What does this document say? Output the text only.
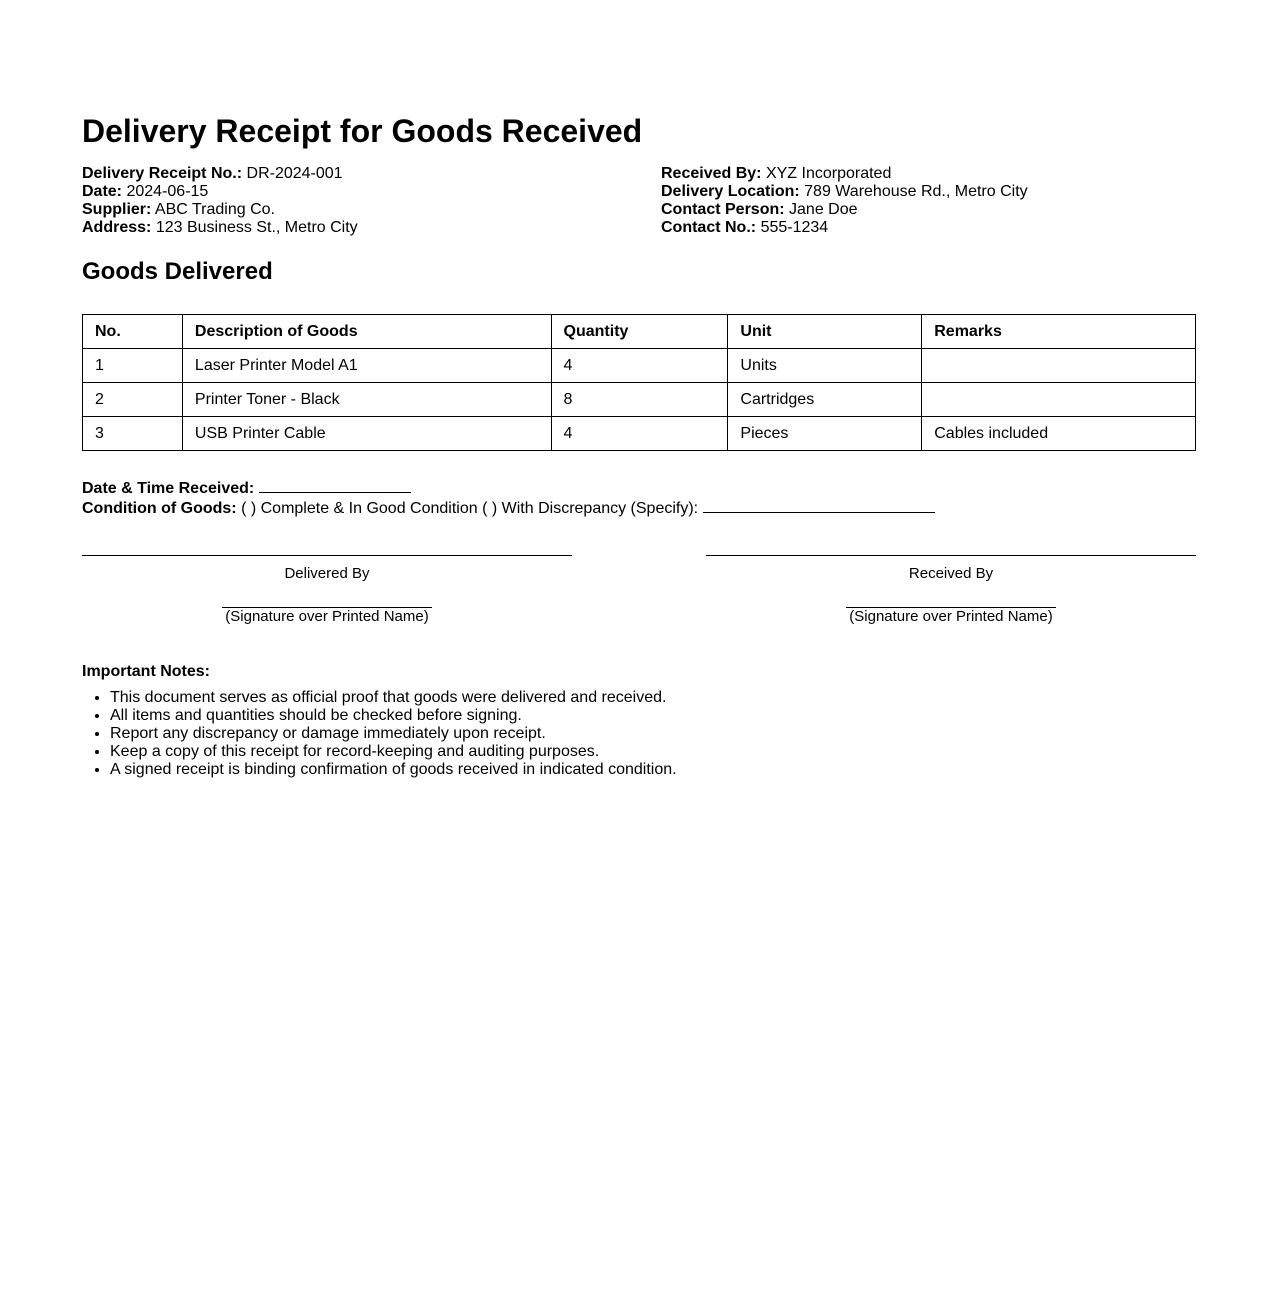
Delivery Receipt for Goods Received
Delivery Receipt No.: DR-2024-001
Date: 2024-06-15
Supplier: ABC Trading Co.
Address: 123 Business St., Metro City
Received By: XYZ Incorporated
Delivery Location: 789 Warehouse Rd., Metro City
Contact Person: Jane Doe
Contact No.: 555-1234
Goods Delivered
No.	Description of Goods	Quantity	Unit	Remarks
1	Laser Printer Model A1	4	Units	
2	Printer Toner - Black	8	Cartridges	
3	USB Printer Cable	4	Pieces	Cables included
Date & Time Received:
Condition of Goods: ( ) Complete & In Good Condition ( ) With Discrepancy (Specify):
Delivered By
(Signature over Printed Name)
Received By
(Signature over Printed Name)
Important Notes:
• This document serves as official proof that goods were delivered and received.
• All items and quantities should be checked before signing.
• Report any discrepancy or damage immediately upon receipt.
• Keep a copy of this receipt for record-keeping and auditing purposes.
• A signed receipt is binding confirmation of goods received in indicated condition.
